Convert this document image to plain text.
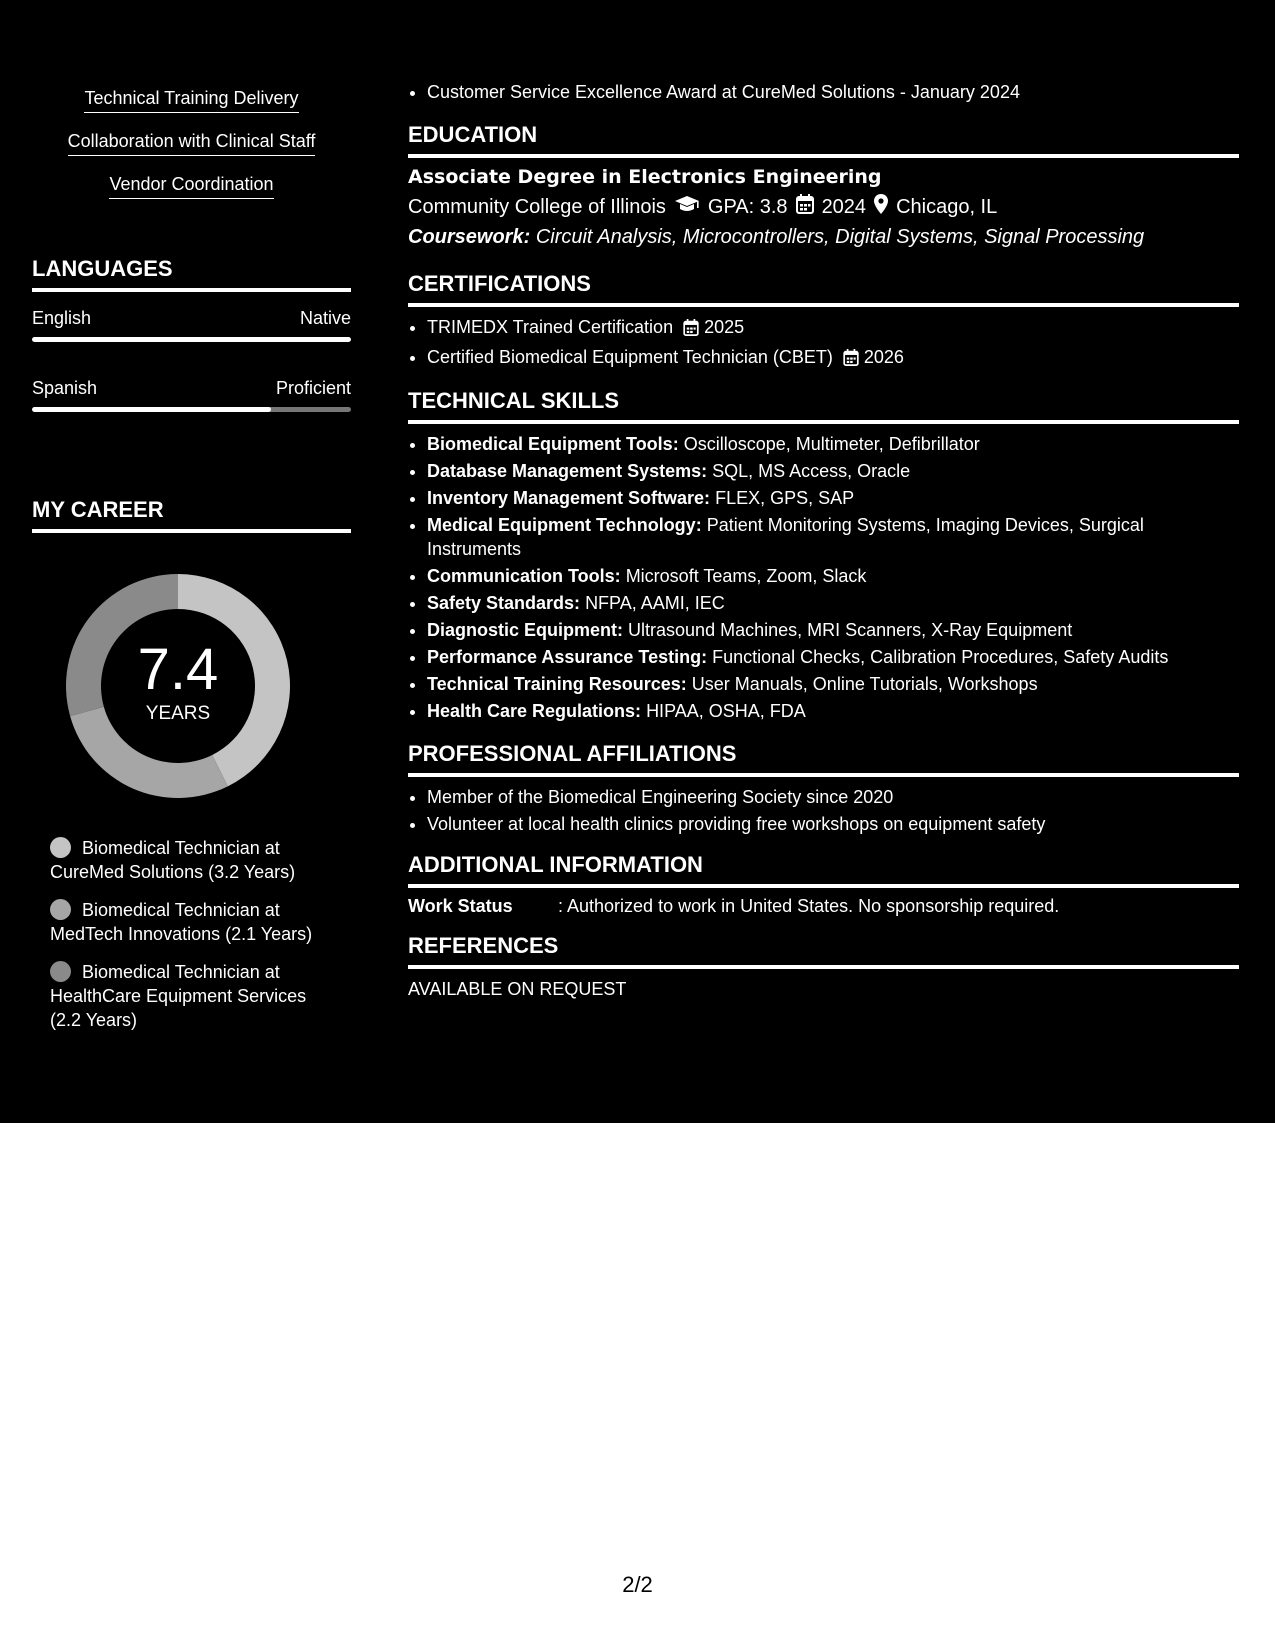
Technical Training Delivery
Collaboration with Clinical Staff
Vendor Coordination
LANGUAGES
English	Native
Spanish	Proficient
MY CAREER
7.4
YEARS
Biomedical Technician at CureMed Solutions (3.2 Years)
Biomedical Technician at MedTech Innovations (2.1 Years)
Biomedical Technician at HealthCare Equipment Services (2.2 Years)
• Customer Service Excellence Award at CureMed Solutions - January 2024
EDUCATION
Associate Degree in Electronics Engineering
Community College of Illinois GPA: 3.8 2024 Chicago, IL
Coursework: Circuit Analysis, Microcontrollers, Digital Systems, Signal Processing
CERTIFICATIONS
• TRIMEDX Trained Certification 2025
• Certified Biomedical Equipment Technician (CBET) 2026
TECHNICAL SKILLS
• Biomedical Equipment Tools: Oscilloscope, Multimeter, Defibrillator
• Database Management Systems: SQL, MS Access, Oracle
• Inventory Management Software: FLEX, GPS, SAP
• Medical Equipment Technology: Patient Monitoring Systems, Imaging Devices, Surgical Instruments
• Communication Tools: Microsoft Teams, Zoom, Slack
• Safety Standards: NFPA, AAMI, IEC
• Diagnostic Equipment: Ultrasound Machines, MRI Scanners, X-Ray Equipment
• Performance Assurance Testing: Functional Checks, Calibration Procedures, Safety Audits
• Technical Training Resources: User Manuals, Online Tutorials, Workshops
• Health Care Regulations: HIPAA, OSHA, FDA
PROFESSIONAL AFFILIATIONS
• Member of the Biomedical Engineering Society since 2020
• Volunteer at local health clinics providing free workshops on equipment safety
ADDITIONAL INFORMATION
Work Status	: Authorized to work in United States. No sponsorship required.
REFERENCES
AVAILABLE ON REQUEST
2/2
